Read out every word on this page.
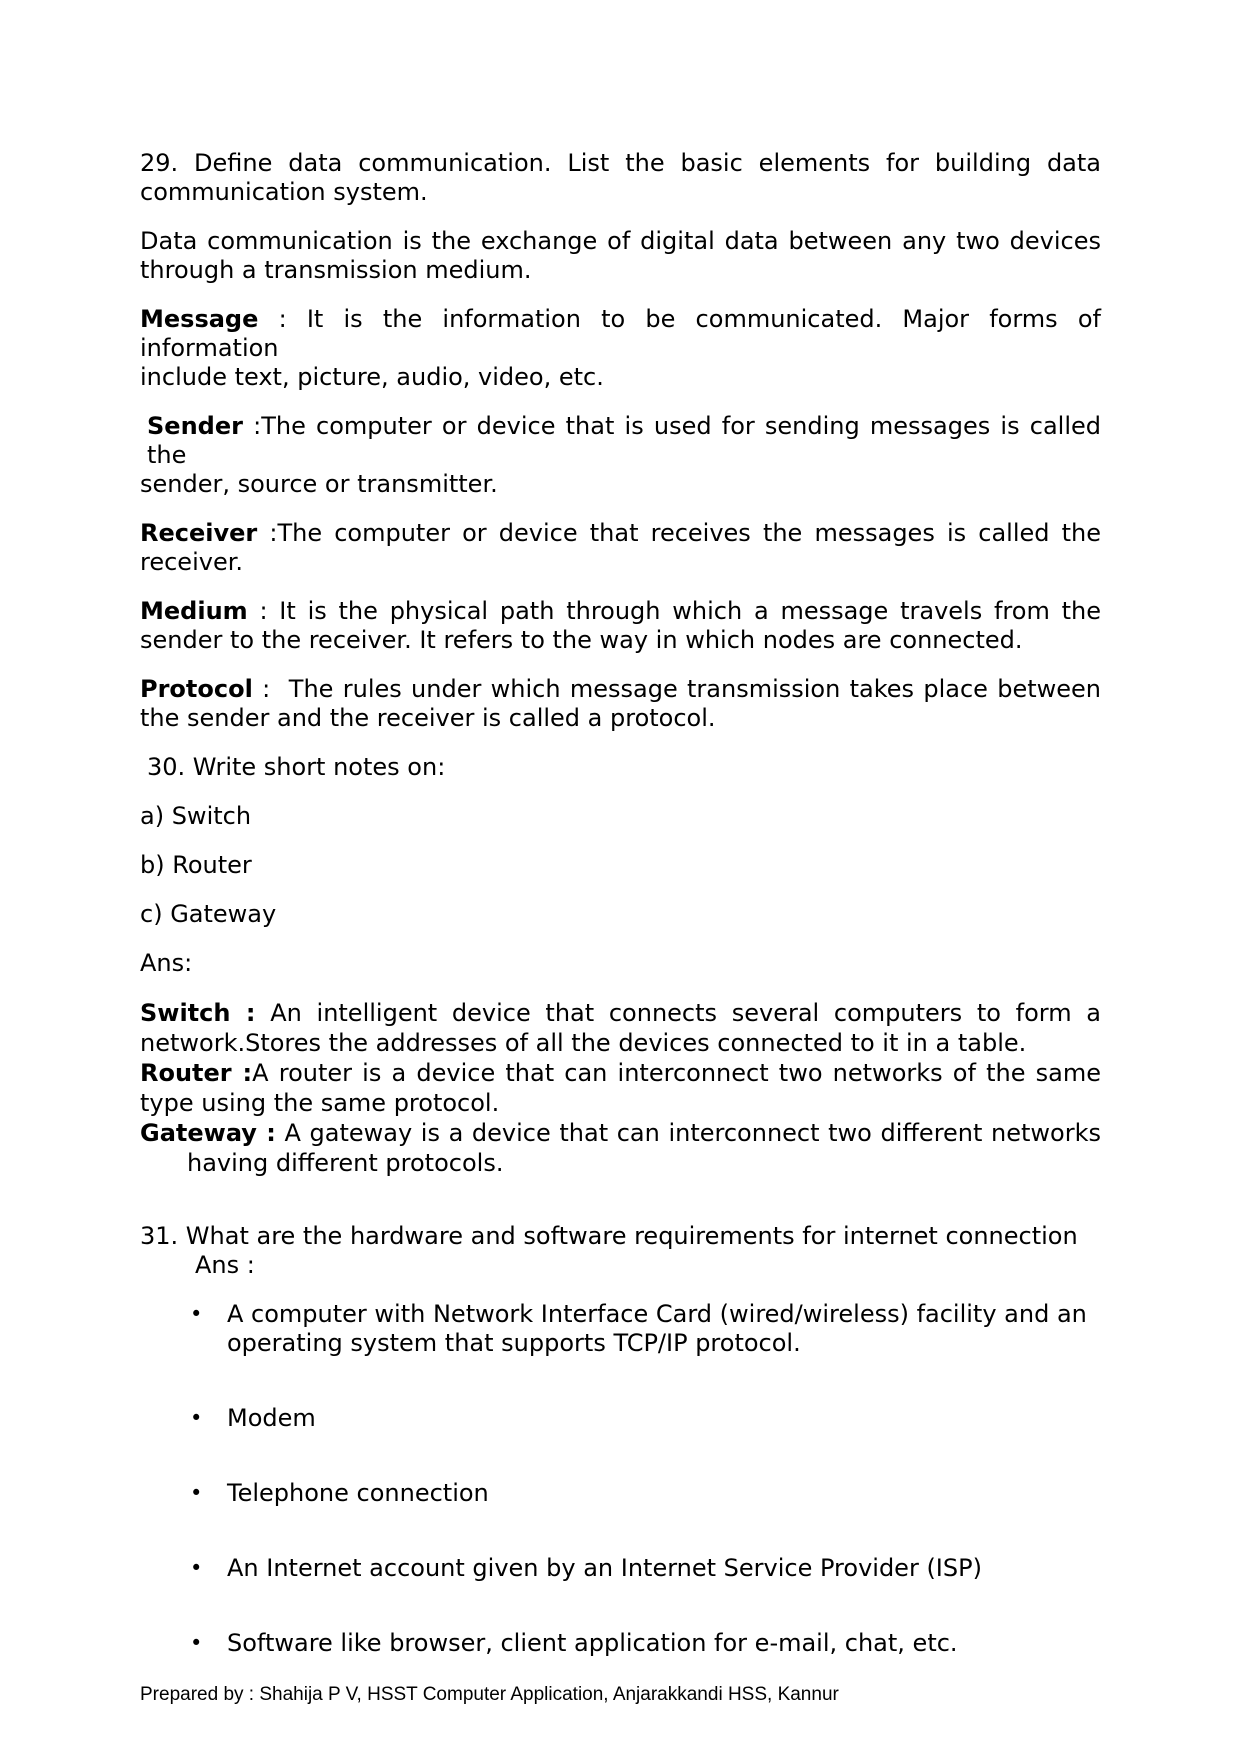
29. Define data communication. List the basic elements for building data
communication system.
Data communication is the exchange of digital data between any two devices
through a transmission medium.
Message : It is the information to be communicated. Major forms of information
include text, picture, audio, video, etc.
Sender :The computer or device that is used for sending messages is called the
sender, source or transmitter.
Receiver :The computer or device that receives the messages is called the
receiver.
Medium : It is the physical path through which a message travels from the
sender to the receiver. It refers to the way in which nodes are connected.
Protocol :  The rules under which message transmission takes place between
the sender and the receiver is called a protocol.
30. Write short notes on:
a) Switch
b) Router
c) Gateway
Ans:
Switch : An intelligent device that connects several computers to form a
network.Stores the addresses of all the devices connected to it in a table.
Router :A router is a device that can interconnect two networks of the same
type using the same protocol.
Gateway : A gateway is a device that can interconnect two different networks
having different protocols.
31. What are the hardware and software requirements for internet connection
Ans :
•	A computer with Network Interface Card (wired/wireless) facility and an
operating system that supports TCP/IP protocol.
•	Modem
•	Telephone connection
•	An Internet account given by an Internet Service Provider (ISP)
•	Software like browser, client application for e-mail, chat, etc.
Prepared by : Shahija P V, HSST Computer Application, Anjarakkandi HSS, Kannur
